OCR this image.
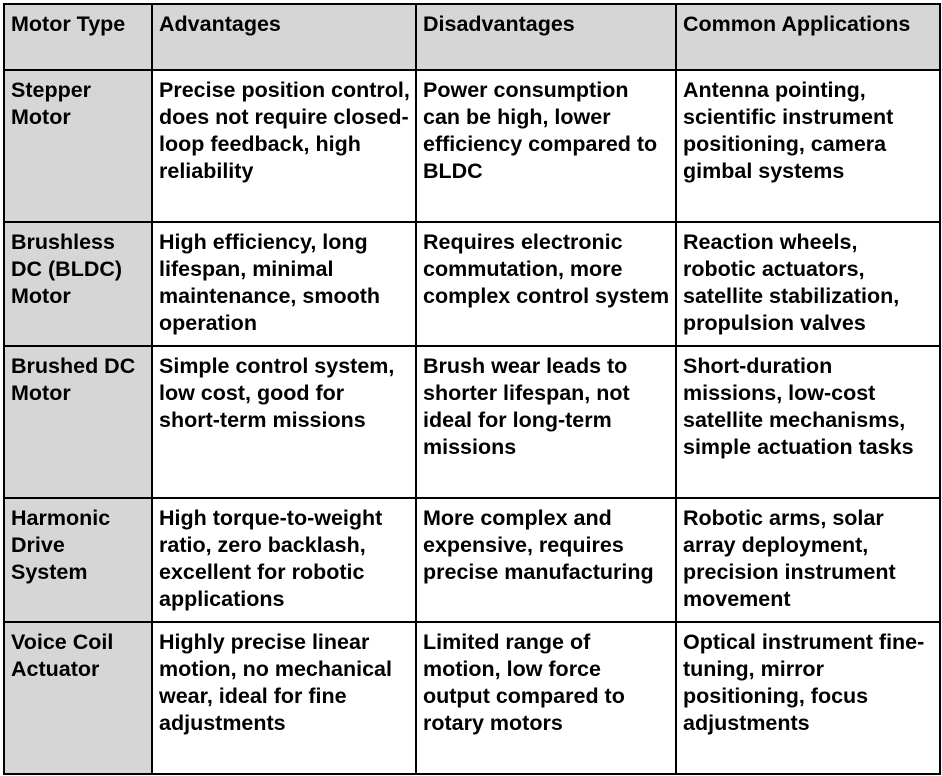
Motor Type	Advantages	Disadvantages	Common Applications
Stepper Motor	Precise position control, does not require closed-loop feedback, high reliability	Power consumption can be high, lower efficiency compared to BLDC	Antenna pointing, scientific instrument positioning, camera gimbal systems
Brushless DC (BLDC) Motor	High efficiency, long lifespan, minimal maintenance, smooth operation	Requires electronic commutation, more complex control system	Reaction wheels, robotic actuators, satellite stabilization, propulsion valves
Brushed DC Motor	Simple control system, low cost, good for short-term missions	Brush wear leads to shorter lifespan, not ideal for long-term missions	Short-duration missions, low-cost satellite mechanisms, simple actuation tasks
Harmonic Drive System	High torque-to-weight ratio, zero backlash, excellent for robotic applications	More complex and expensive, requires precise manufacturing	Robotic arms, solar array deployment, precision instrument movement
Voice Coil Actuator	Highly precise linear motion, no mechanical wear, ideal for fine adjustments	Limited range of motion, low force output compared to rotary motors	Optical instrument fine-tuning, mirror positioning, focus adjustments
